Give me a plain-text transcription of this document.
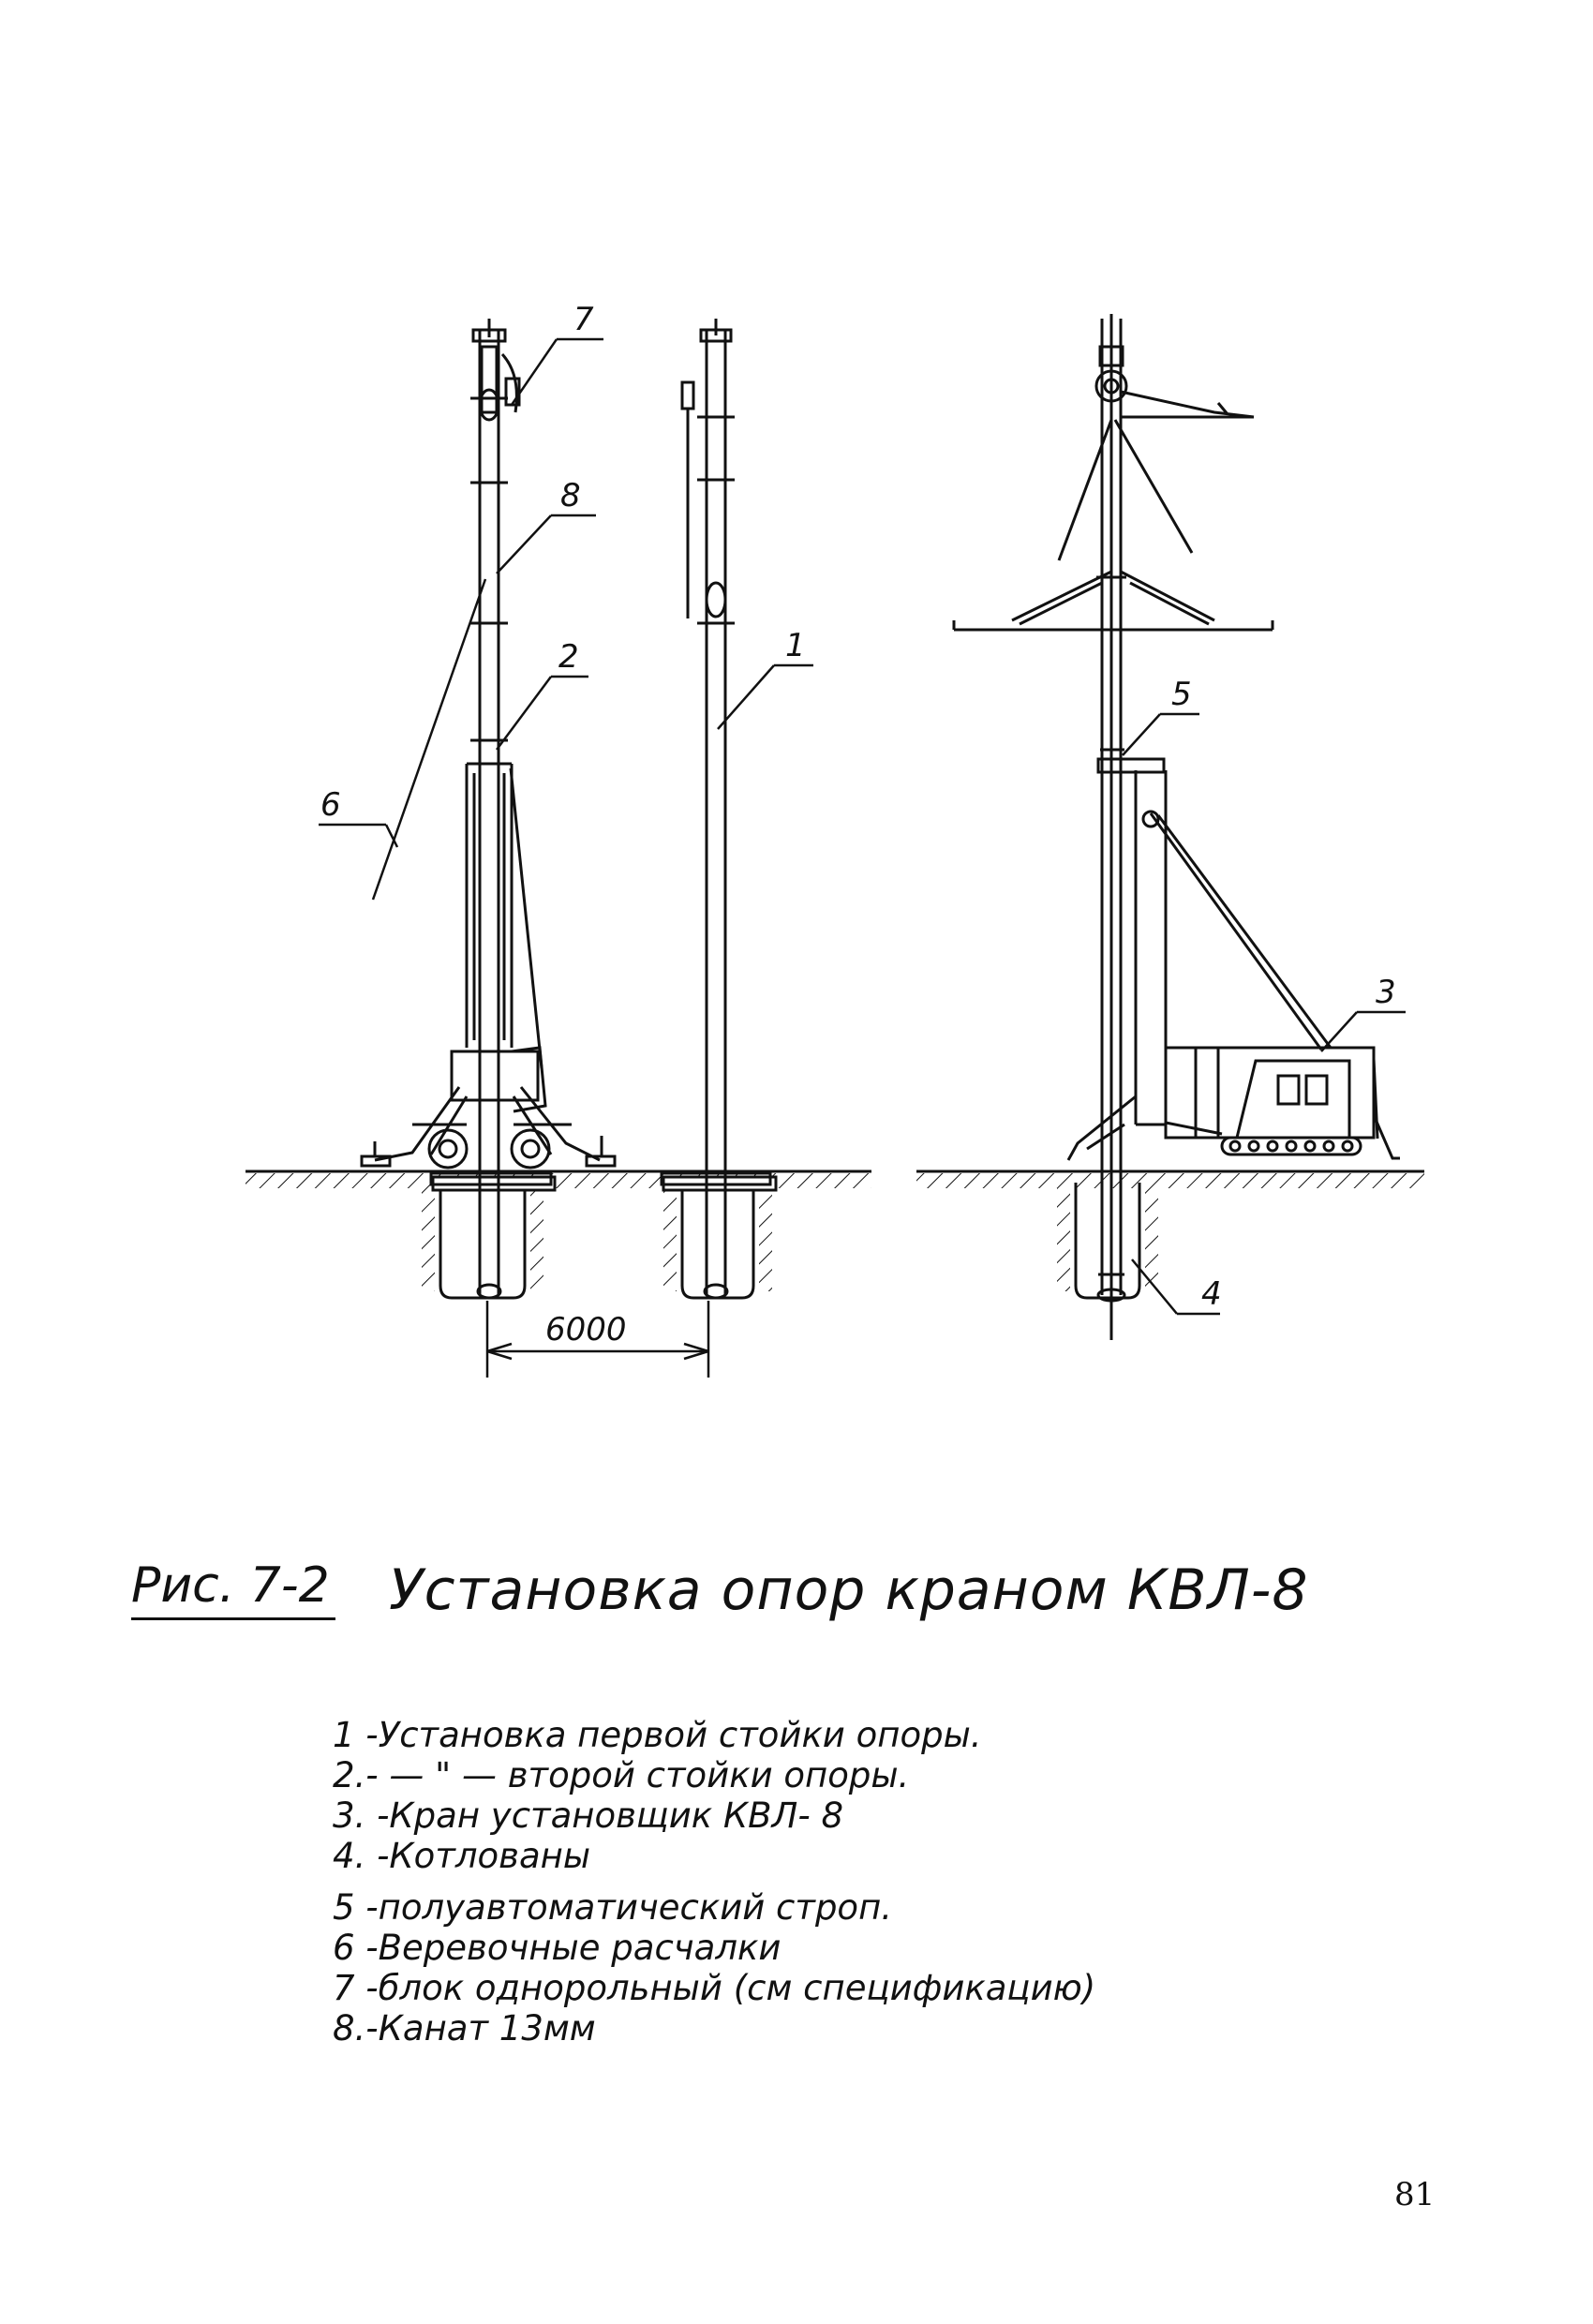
6000
7
8
2	1
6
5
3
4
Рис. 7-2 Установка опор краном КВЛ-8
1 -Установка первой стойки опоры.
2.- — " — второй стойки опоры.
3. -Кран установщик КВЛ- 8
4. -Котлованы
5 -полуавтоматический строп.
6 -Веревочные расчалки
7 -блок однорольный (см спецификацию)
8.-Канат 13мм
81
